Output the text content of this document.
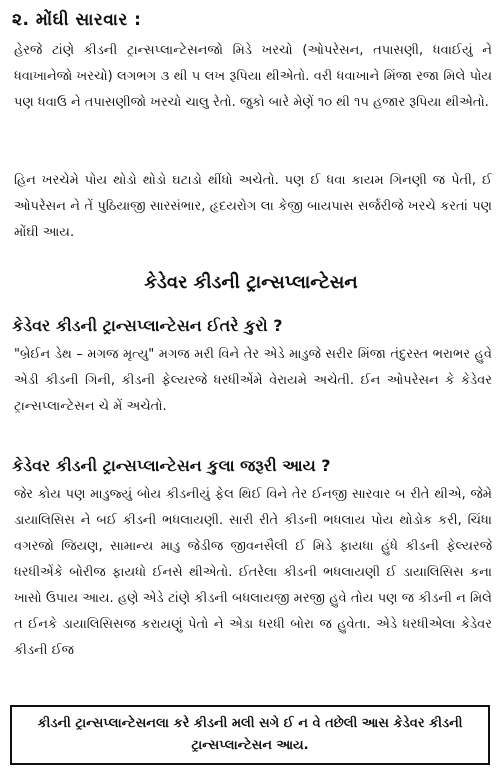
૨. મોંઘી સારવાર :
હેરજે ટાંણે કીડની ટ્રાન્સપ્લાન્ટેસનજો મિડે ખરચો (ઓપરેસન, તપાસણી, ધવાઈયું ને ધવાખાનેજો ખરચો) લગભગ ૩ થી ૫ લખ રૂપિયા થીએતો. વરી ધવાખાને મિંજા રજા મિલે પોય પણ ધવાઉ ને તપાસણીજો ખરચો ચાલુ રેતો. જુકો બારે મેણેં ૧૦ થી ૧૫ હજાર રૂપિયા થીએતો.
હિન ખરચેમે પોય થોડો થોડો ઘટાડો થીંધો અચેતો. પણ ઈ ધવા કાયમ ગિનણી જ પેતી, ઈ ઓપરેસન ને તેં પુઠિયાજી સારસંભાર, હૃદયરોગ લા કેજી બાયપાસ સર્જરીજે ખરચે કરતાં પણ મોંઘી આય.
કેડેવર કીડની ટ્રાન્સપ્લાન્ટેસન
કેડેવર કીડની ટ્રાન્સપ્લાન્ટેસન ઈતરે કુરો ?
"બ્રેઈન ડેથ – મગજ મૃત્યુ" મગજ મરી વિને તેર એડે માડુજે સરીર મિંજા તંદુરસ્ત ભરાભર હુવે એડી કીડની ગિની, કીડની ફેલ્યરજે ધરધીએંમે વેરાયમે અચેતી. ઈન ઓપરેસન કે કેડેવર ટ્રાન્સપ્લાન્ટેસન ચે મેં અચેતો.
કેડેવર કીડની ટ્રાન્સપ્લાન્ટેસન કુલા જરૂરી આય ?
જેર કોય પણ માડુજ્યું બોય કીડનીયું ફેલ થિઈ વિને તેર ઈનજી સારવાર બ રીતે થીએ, જેમે ડાયાલિસિસ ને બઈ કીડની ભધલાયણી. સારી રીતે કીડની ભધલાય પોય થોડોક કરી, ચિંધા વગરજો જિયણ, સામાન્ય માડુ જેડીજ જીવનસૈલી ઈ મિડે ફાયધા હુંધે કીડની ફેલ્યરજે ધરધીએંકે બોરીજ ફાયધો ઈનસે થીએતો. ઈતરેલા કીડની ભધલાયણી ઈ ડાયાલિસિસ કના ખાસો ઉપાય આય. હણે એડે ટાંણે કીડની બધલાયજી મરજી હુવે તોય પણ જ કીડની ન મિલે ત ઈનકે ડાયાલિસિસજ કરાયણું પેતો ને એડા ધરધી બોરા જ હુવેતા. એડે ધરધીએલા કેડેવર કીડની ઈજ
કીડની ટ્રાન્સપ્લાન્ટેસનલા કરે કીડની મલી સગે ઈ ન વે તછેલી આસ કેડેવર કીડની ટ્રાન્સપ્લાન્ટેસન આય.
